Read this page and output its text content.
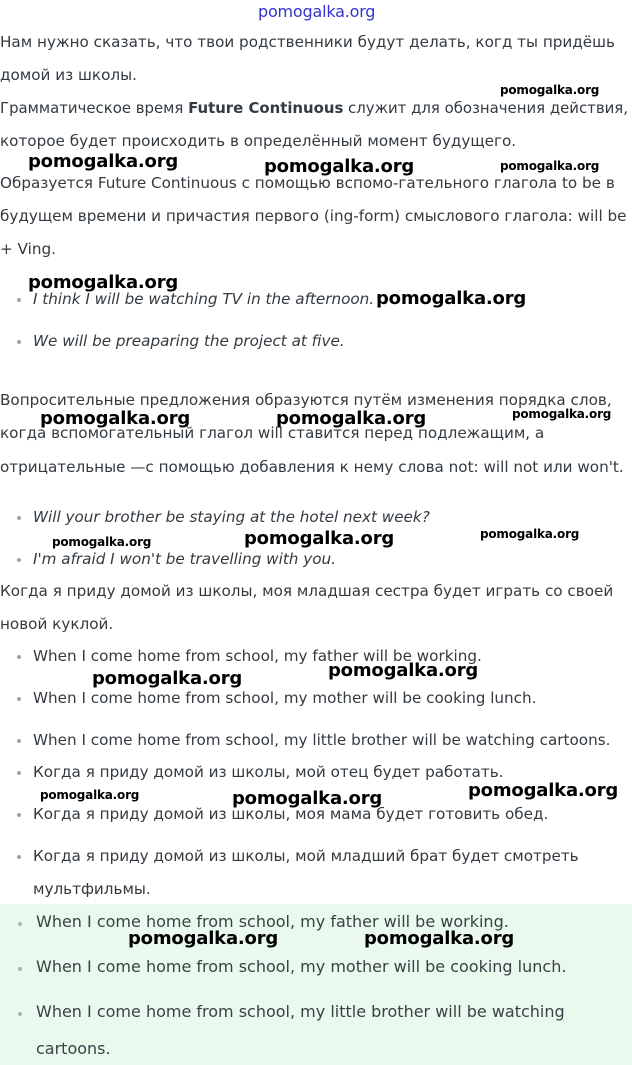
pomogalka.org
pomogalka.org
pomogalka.org	pomogalka.org	pomogalka.org
pomogalka.org
pomogalka.org
pomogalka.org	pomogalka.org	pomogalka.org
pomogalka.org	pomogalka.org
pomogalka.org
pomogalka.org
pomogalka.org
pomogalka.org	pomogalka.org	pomogalka.org
Нам нужно сказать, что твои родственники будут делать, когд ты придёшь
домой из школы.
Грамматическое время Future Continuous служит для обозначения действия,
которое будет происходить в определённый момент будущего.
Образуется Future Continuous с помощью вспомо-гательного глагола to be в
будущем времени и причастия первого (ing-form) смыслового глагола: will be
+ Ving.
I think I will be watching TV in the afternoon.
We will be preaparing the project at five.
Вопросительные предложения образуются путём изменения порядка слов,
когда вспомогательный глагол will ставится перед подлежащим, а
отрицательные —с помощью добавления к нему слова not: will not или won't.
Will your brother be staying at the hotel next week?
I'm afraid I won't be travelling with you.
Когда я приду домой из школы, моя младшая сестра будет играть со своей
новой куклой.
When I come home from school, my father will be working.
When I come home from school, my mother will be cooking lunch.
When I come home from school, my little brother will be watching cartoons.
Когда я приду домой из школы, мой отец будет работать.
Когда я приду домой из школы, моя мама будет готовить обед.
Когда я приду домой из школы, мой младший брат будет смотреть
мультфильмы.
When I come home from school, my father will be working.
When I come home from school, my mother will be cooking lunch.
When I come home from school, my little brother will be watching
cartoons.
pomogalka.org	pomogalka.org
